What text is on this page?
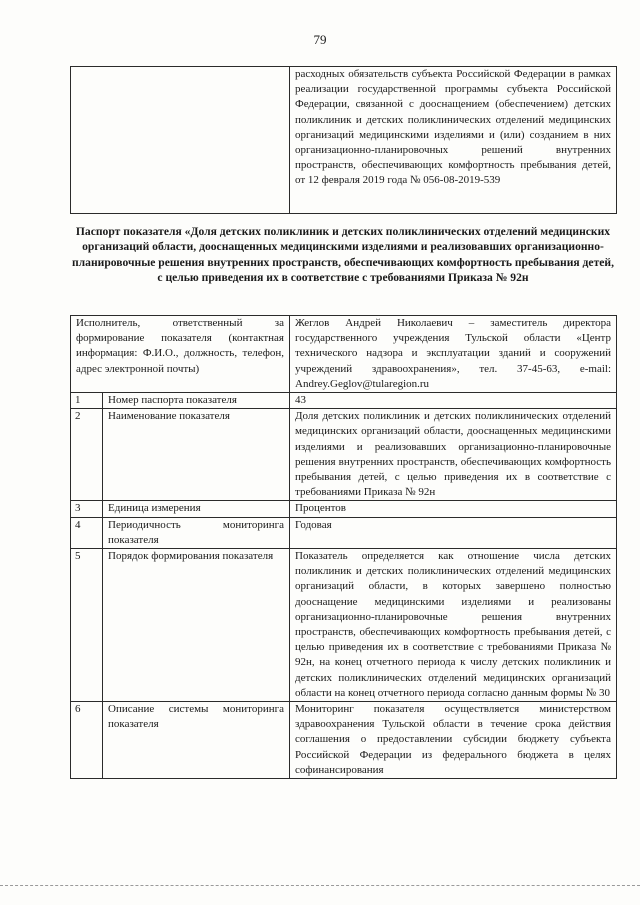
79
	расходных обязательств субъекта Российской Федерации в рамках реализации государственной программы субъекта Российской Федерации, связанной с дооснащением (обеспечением) детских поликлиник и детских поликлинических отделений медицинских организаций медицинскими изделиями и (или) созданием в них организационно-планировочных решений внутренних пространств, обеспечивающих комфортность пребывания детей, от 12 февраля 2019 года № 056-08-2019-539
Паспорт показателя «Доля детских поликлиник и детских поликлинических отделений медицинских организаций области, дооснащенных медицинскими изделиями и реализовавших организационно-планировочные решения внутренних пространств, обеспечивающих комфортность пребывания детей, с целью приведения их в соответствие с требованиями Приказа № 92н
Исполнитель, ответственный за формирование показателя (контактная информация: Ф.И.О., должность, телефон, адрес электронной почты)		Жеглов Андрей Николаевич – заместитель директора государственного учреждения Тульской области «Центр технического надзора и эксплуатации зданий и сооружений учреждений здравоохранения», тел. 37-45-63, e-mail: Andrey.Geglov@tularegion.ru
1	Номер паспорта показателя	43
2	Наименование показателя	Доля детских поликлиник и детских поликлинических отделений медицинских организаций области, дооснащенных медицинскими изделиями и реализовавших организационно-планировочные решения внутренних пространств, обеспечивающих комфортность пребывания детей, с целью приведения их в соответствие с требованиями Приказа № 92н
3	Единица измерения	Процентов
4	Периодичность мониторинга показателя	Годовая
5	Порядок формирования показателя	Показатель определяется как отношение числа детских поликлиник и детских поликлинических отделений медицинских организаций области, в которых завершено полностью дооснащение медицинскими изделиями и реализованы организационно-планировочные решения внутренних пространств, обеспечивающих комфортность пребывания детей, с целью приведения их в соответствие с требованиями Приказа № 92н, на конец отчетного периода к числу детских поликлиник и детских поликлинических отделений медицинских организаций области на конец отчетного периода согласно данным формы № 30
6	Описание системы мониторинга показателя	Мониторинг показателя осуществляется министерством здравоохранения Тульской области в течение срока действия соглашения о предоставлении субсидии бюджету субъекта Российской Федерации из федерального бюджета в целях софинансирования
